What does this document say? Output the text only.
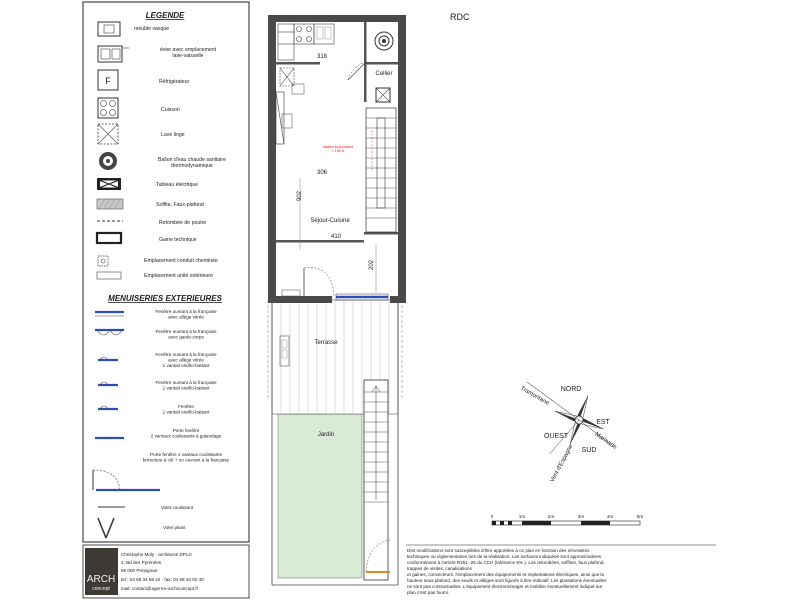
LEGENDE
F
meuble vasque
évier avec emplacement lave-vaisselle
Réfrigérateur
Cuisson
Lave linge
Ballon d'eau chaude sanitaire thermodynamique
Tableau électrique
Soffite, Faux-plafond
Retombée de poutre
Gaine technique
Emplacement conduit cheminée
Emplacement unité extérieure
MENUISERIES EXTERIEURES
Fenêtre ouvrant à la française avec allège vitrée
Fenêtre ouvrant à la française avec garde-corps
Fenêtre ouvrant à la française avec allège vitrée 1 vantail oscillo-battant
Fenêtre ouvrant à la française 1 vantail oscillo-battant
Fenêtre 1 vantail oscillo-battant
Porte fenêtre 2 vantaux coulissants à galandage
Porte fenêtre 2 vantaux coulissants fermeture à clé + un ouvrant à la française
Volet coulissant
Volet pliant
ARCH
concept
Christophe Moly - architecte DPLG
2, Bd des Pyrénées
66 000 Perpignan
tel : 04 68 34 59 42 - fax: 04 68 34 02 40
mail: contact@agence-archiconcept.fr
hauteur sous plafond < 1,80 m
Cellier
Séjour-Cuisine
Terrasse
Jardin
318
306
410
902
202
RDC
NORD
EST
SUD
OUEST
Tramontane
Marinade
Vent d'Espagne
0	1m	2m	3m	4m	5m
Des modifications sont susceptibles d'être apportées à ce plan en fonction des nécessités
techniques ou réglementaires lors de la réalisation. Les surfaces indiquées sont approximatives
conformément à l'article R261 -25 du CCH (tolérance 5% ). Les retombées, soffites, faux plafond,
trappes de visites, canalisations
et gaines, convecteurs, l'emplacement des équipements et implantations électriques, ainsi que la
hauteur sous plafond, des seuils et allèges sont figurés à titre indicatif. Les plantations éventuelles
ne sont pas contractuelles. L'équipement électroménager et mobilier éventuellement indiqué sur
plan n'est pas fourni.
